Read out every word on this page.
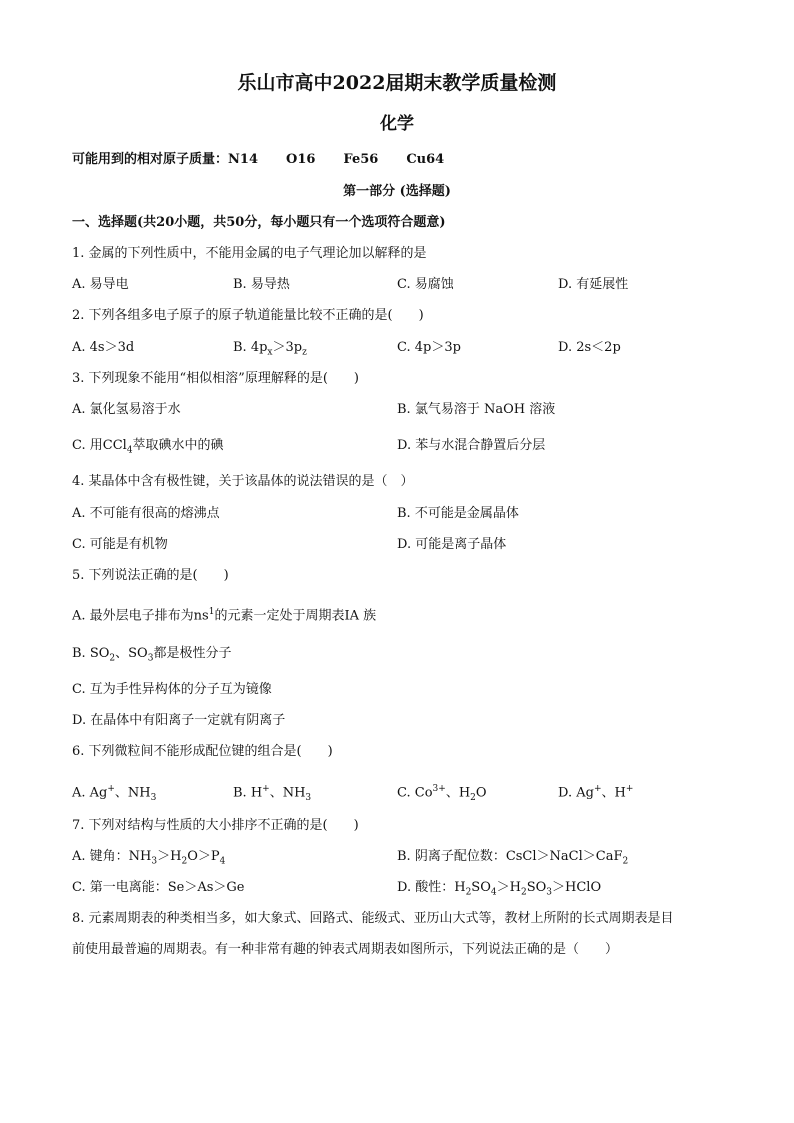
乐山市高中2022届期末教学质量检测
化学
可能用到的相对原子质量：N14 O16 Fe56 Cu64
第一部分 (选择题)
一、选择题(共20小题，共50分，每小题只有一个选项符合题意)
1. 金属的下列性质中，不能用金属的电子气理论加以解释的是
A. 易导电	B. 易导热	C. 易腐蚀	D. 有延展性
2. 下列各组多电子原子的原子轨道能量比较不正确的是(　　)
A. 4s＞3d	B. $4p_x>3p_z$	C. 4p＞3p	D. 2s＜2p
3. 下列现象不能用“相似相溶”原理解释的是(　　)
A. 氯化氢易溶于水	B. 氯气易溶于 NaOH 溶液
C. 用CCl$_4$萃取碘水中的碘	D. 苯与水混合静置后分层
4. 某晶体中含有极性键，关于该晶体的说法错误的是（　）
A. 不可能有很高的熔沸点	B. 不可能是金属晶体
C. 可能是有机物	D. 可能是离子晶体
5. 下列说法正确的是(　　)
A. 最外层电子排布为$ns^1$的元素一定处于周期表ⅠA 族
B. $SO_2$、$SO_3$都是极性分子
C. 互为手性异构体的分子互为镜像
D. 在晶体中有阳离子一定就有阴离子
6. 下列微粒间不能形成配位键的组合是(　　)
A. Ag+、$NH_3$	B. H+、$NH_3$	C. $Co^{3+}$、$H_2O$	D. Ag+、H+
7. 下列对结构与性质的大小排序不正确的是(　　)
A. 键角：$NH_3>H_2O>P_4$	B. 阴离子配位数：CsCl＞NaCl＞CaF$_2$
C. 第一电离能：Se＞As＞Ge	D. 酸性：$H_2SO_4>H_2SO_3>HClO$
8. 元素周期表的种类相当多，如大象式、回路式、能级式、亚历山大式等，教材上所附的长式周期表是目
前使用最普遍的周期表。有一种非常有趣的钟表式周期表如图所示，下列说法正确的是（　　）
